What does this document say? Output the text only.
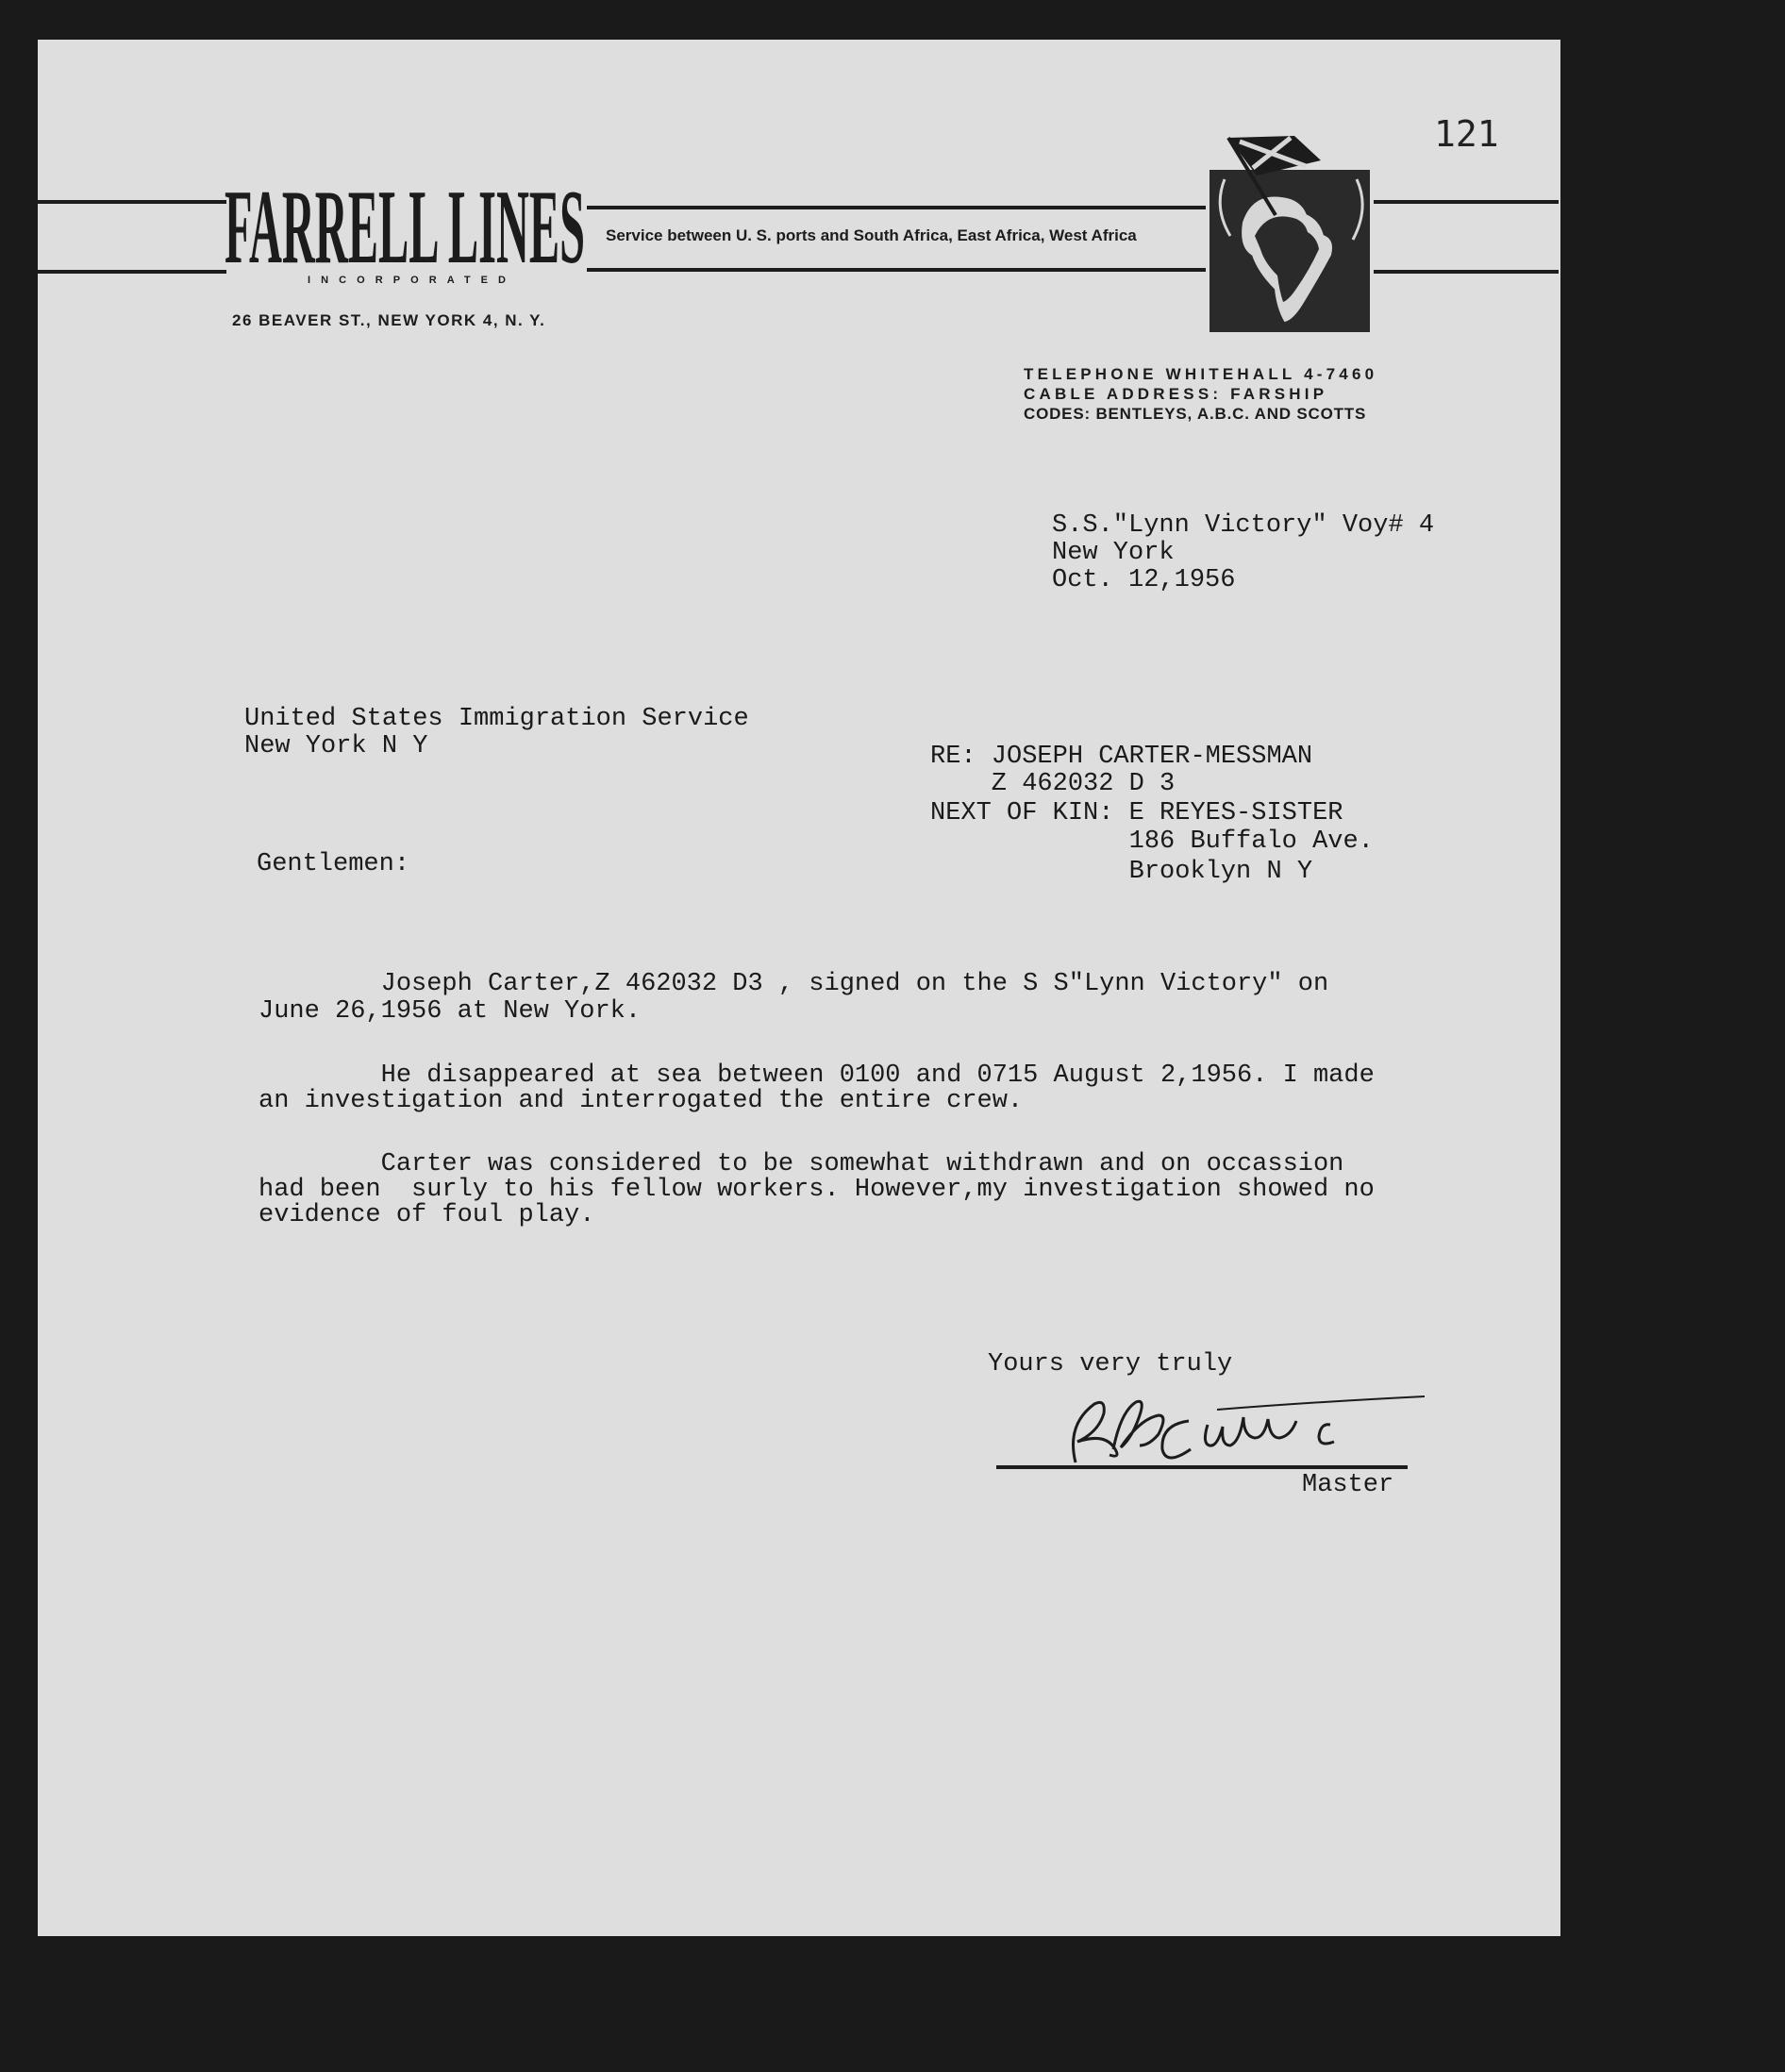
121
FARRELL LINES
INCORPORATED
Service between U. S. ports and South Africa, East Africa, West Africa
26 BEAVER ST., NEW YORK 4, N. Y.
TELEPHONE WHITEHALL 4-7460
CABLE ADDRESS: FARSHIP
CODES: BENTLEYS, A.B.C. AND SCOTTS
S.S."Lynn Victory" Voy# 4
New York
Oct. 12,1956
United States Immigration Service
New York N Y	RE: JOSEPH CARTER-MESSMAN
Z 462032 D 3
NEXT OF KIN: E REYES-SISTER
186 Buffalo Ave.
Brooklyn N Y
Gentlemen:
Joseph Carter,Z 462032 D3 , signed on the S S"Lynn Victory" on
June 26,1956 at New York.
He disappeared at sea between 0100 and 0715 August 2,1956. I made
an investigation and interrogated the entire crew.
Carter was considered to be somewhat withdrawn and on occassion
had been  surly to his fellow workers. However,my investigation showed no
evidence of foul play.
Yours very truly
Master
